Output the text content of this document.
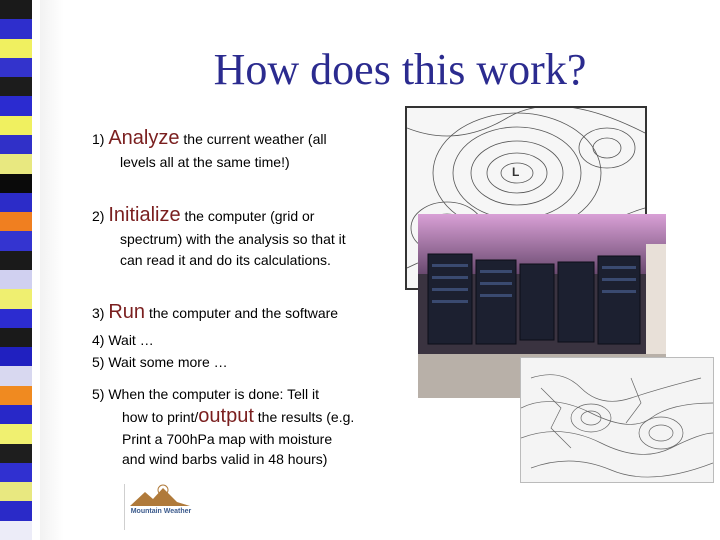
How does this work?
1) Analyze the current weather (all
levels all at the same time!)
2) Initialize the computer (grid or
spectrum) with the analysis so that it
can read it and do its calculations.
3) Run the computer and the software
4) Wait …
5) Wait some more …
5) When the computer is done: Tell it
how to print/output the results (e.g.
Print a 700hPa map with moisture
and wind barbs valid in 48 hours)
L
Mountain Weather
